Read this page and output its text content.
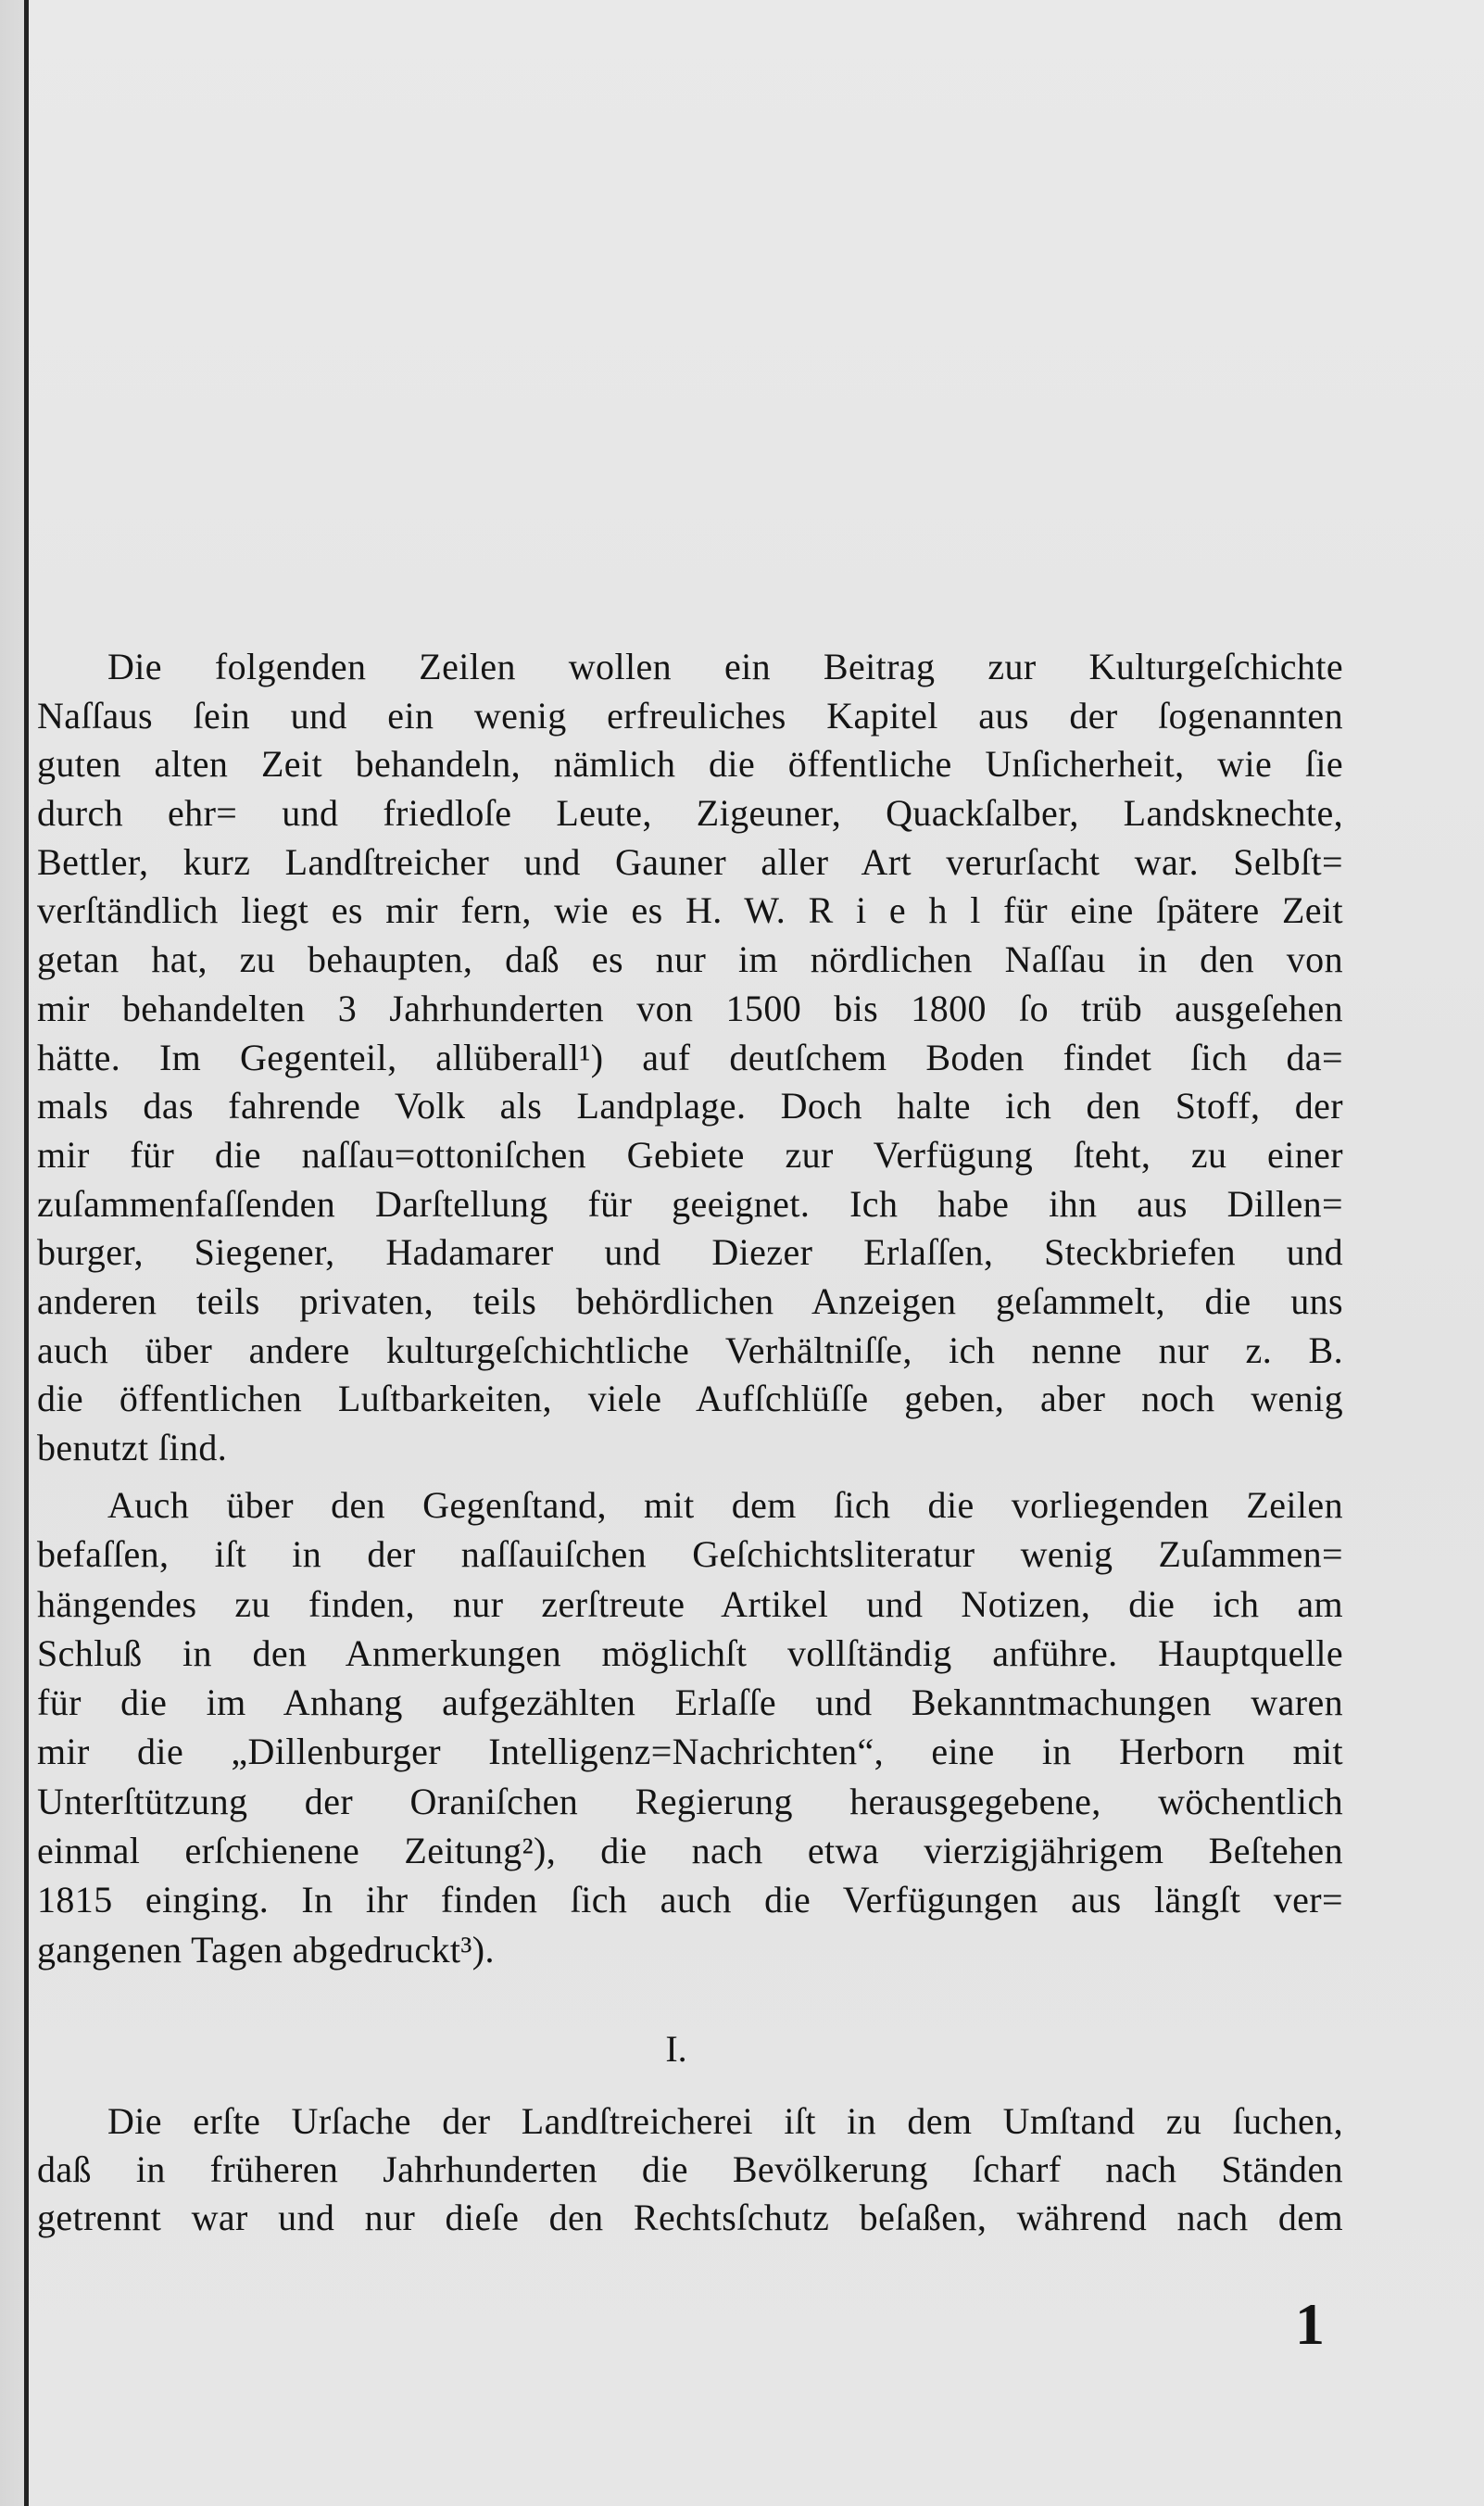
Die folgenden Zeilen wollen ein Beitrag zur Kulturgeſchichte
Naſſaus ſein und ein wenig erfreuliches Kapitel aus der ſogenannten
guten alten Zeit behandeln, nämlich die öffentliche Unſicherheit, wie ſie
durch ehr= und friedloſe Leute, Zigeuner, Quackſalber, Landsknechte,
Bettler, kurz Landſtreicher und Gauner aller Art verurſacht war. Selbſt=
verſtändlich liegt es mir fern, wie es H. W. R i e h l für eine ſpätere Zeit
getan hat, zu behaupten, daß es nur im nördlichen Naſſau in den von
mir behandelten 3 Jahrhunderten von 1500 bis 1800 ſo trüb ausgeſehen
hätte. Im Gegenteil, allüberall¹) auf deutſchem Boden findet ſich da=
mals das fahrende Volk als Landplage. Doch halte ich den Stoff, der
mir für die naſſau=ottoniſchen Gebiete zur Verfügung ſteht, zu einer
zuſammenfaſſenden Darſtellung für geeignet. Ich habe ihn aus Dillen=
burger, Siegener, Hadamarer und Diezer Erlaſſen, Steckbriefen und
anderen teils privaten, teils behördlichen Anzeigen geſammelt, die uns
auch über andere kulturgeſchichtliche Verhältniſſe, ich nenne nur z. B.
die öffentlichen Luſtbarkeiten, viele Aufſchlüſſe geben, aber noch wenig
benutzt ſind.
Auch über den Gegenſtand, mit dem ſich die vorliegenden Zeilen
befaſſen, iſt in der naſſauiſchen Geſchichtsliteratur wenig Zuſammen=
hängendes zu finden, nur zerſtreute Artikel und Notizen, die ich am
Schluß in den Anmerkungen möglichſt vollſtändig anführe. Hauptquelle
für die im Anhang aufgezählten Erlaſſe und Bekanntmachungen waren
mir die „Dillenburger Intelligenz=Nachrichten“, eine in Herborn mit
Unterſtützung der Oraniſchen Regierung herausgegebene, wöchentlich
einmal erſchienene Zeitung²), die nach etwa vierzigjährigem Beſtehen
1815 einging. In ihr finden ſich auch die Verfügungen aus längſt ver=
gangenen Tagen abgedruckt³).
I.
Die erſte Urſache der Landſtreicherei iſt in dem Umſtand zu ſuchen,
daß in früheren Jahrhunderten die Bevölkerung ſcharf nach Ständen
getrennt war und nur dieſe den Rechtsſchutz beſaßen, während nach dem
1
